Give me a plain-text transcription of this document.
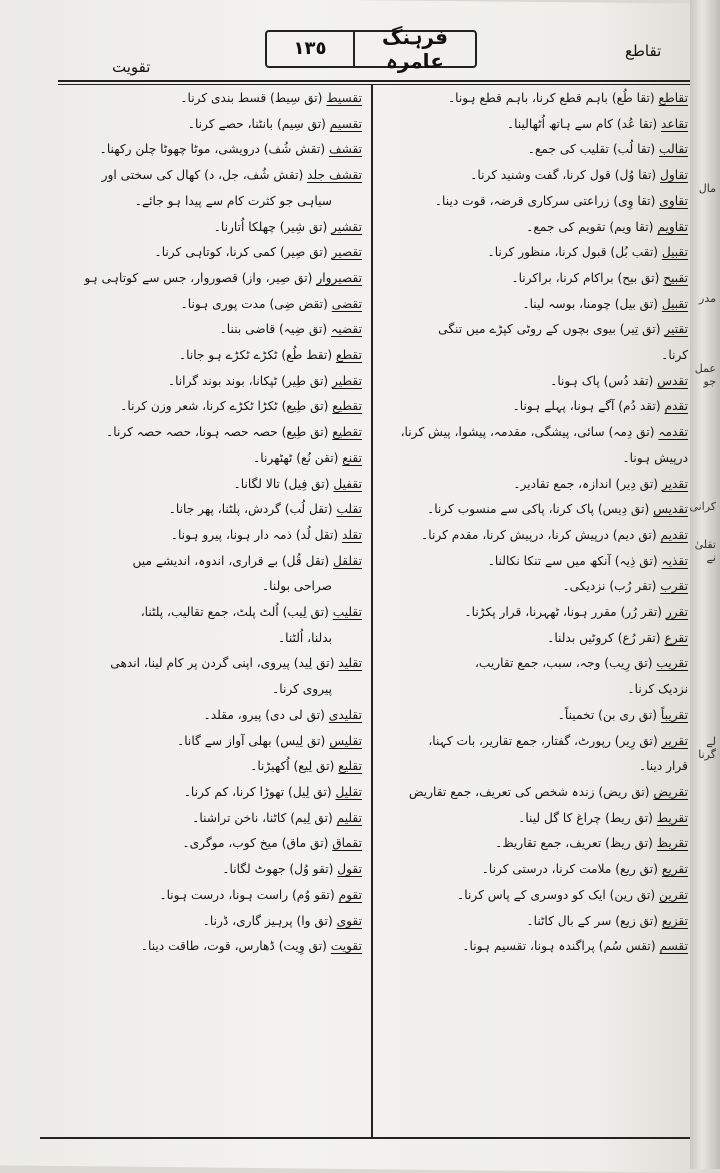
مال
مدر
عمل جو
کرانی
تقلیٰ نے
لے گرنا
تقویت
١٣٥	فرہنگ عامرہ	تقاطع
تقاطع (تقا طُع) باہم قطع کرنا، باہم قطع ہونا۔
تقاعد (تقا عُد) کام سے ہاتھ اُٹھالینا۔
تقالب (تقا لُب) تقلیب کی جمع۔
تقاول (تقا وُل) قول کرنا، گفت وشنید کرنا۔
تقاوی (تقا وِی) زراعتی سرکاری قرضہ، قوت دینا۔
تقاویم (تقا ویم) تقویم کی جمع۔
تقبیل (تقب بُل) قبول کرنا، منظور کرنا۔
تقبیح (تق بیح) براکام کرنا، براکرنا۔
تقبیل (تق بیل) چومنا، بوسہ لینا۔
تقتیر (تق تِیر) بیوی بچوں کے روٹی کپڑے میں تنگی
کرنا۔
تقدس (تقد دُس) پاک ہونا۔
تقدم (تقد دُم) آگے ہونا، پہلے ہونا۔
تقدمہ (تق دِمہ) سائی، پیشگی، مقدمہ، پیشوا، پیش کرنا،
درپیش ہونا۔
تقدیر (تق دِیر) اندازہ، جمع تقادیر۔
تقدیس (تق دِیس) پاک کرنا، پاکی سے منسوب کرنا۔
تقدیم (تق دیم) درپیش کرنا، درپیش کرنا، مقدم کرنا۔
تقذیہ (تق ذِیہ) آنکھ میں سے تنکا نکالنا۔
تقرب (تقر رُب) نزدیکی۔
تقرر (تقر رُر) مقرر ہونا، ٹھہرنا، قرار پکڑنا۔
تقرع (تقر رُع) کروٹیں بدلنا۔
تقریب (تق رِیب) وجہ، سبب، جمع تقاریب،
نزدیک کرنا۔
تقریباً (تق ری بن) تخمیناً۔
تقریر (تق رِیر) رپورٹ، گفتار، جمع تقاریر، بات کہنا،
قرار دینا۔
تقریض (تق ریض) زندہ شخص کی تعریف، جمع تقاریض
تقریط (تق ریط) چراغ کا گل لینا۔
تقریظ (تق ریظ) تعریف، جمع تقاریظ۔
تقریع (تق ریع) ملامت کرنا، درستی کرنا۔
تقرین (تق رین) ایک کو دوسری کے پاس کرنا۔
تقزیع (تق زیع) سر کے بال کاٹنا۔
تقسم (تقس سُم) پراگندہ ہونا، تقسیم ہونا۔
تقسیط (تق سِیط) قسط بندی کرنا۔
تقسیم (تق سِیم) بانٹنا، حصے کرنا۔
تقشف (تقش شُف) درویشی، موٹا چھوٹا چلن رکھنا۔
تقشف جلد (تقش شُف، جل، د) کھال کی سختی اور
سیاہی جو کثرت کام سے پیدا ہو جائے۔
تقشیر (تق شِیر) چھلکا اُتارنا۔
تقصیر (تق صِیر) کمی کرنا، کوتاہی کرنا۔
تقصیروار (تق صِیر، واز) قصوروار، جس سے کوتاہی ہو
تقضی (تقض ضِی) مدت پوری ہونا۔
تقضیہ (تق ضِیہ) قاضی بننا۔
تقطع (تقط طُع) ٹکڑے ٹکڑے ہو جانا۔
تقطیر (تق طِیر) ٹپکانا، بوند بوند گرانا۔
تقطیع (تق طِیع) ٹکڑا ٹکڑے کرنا، شعر وزن کرنا۔
تقطیع (تق طِیع) حصہ حصہ ہونا، حصہ حصہ کرنا۔
تقنع (تقن نُع) ٹھٹھرنا۔
تقفیل (تق فِیل) تالا لگانا۔
تقلب (تقل لُب) گردش، پلٹنا، پھر جانا۔
تقلد (تقل لُد) ذمہ دار ہونا، پیرو ہونا۔
تقلقل (تقل قُل) بے قراری، اندوہ، اندیشے میں
صراحی بولنا۔
تقلیب (تق لِیب) اُلٹ پلٹ، جمع تقالیب، پلٹنا،
بدلنا، اُلٹنا۔
تقلید (تق لِید) پیروی، اپنی گردن پر کام لینا، اندھی
پیروی کرنا۔
تقلیدی (تق لی دی) پیرو، مقلد۔
تقلیس (تق لِیس) بھلی آواز سے گانا۔
تقلیع (تق لِیع) اُکھیڑنا۔
تقلیل (تق لِیل) تھوڑا کرنا، کم کرنا۔
تقلیم (تق لِیم) کاٹنا، ناخن تراشنا۔
تقماق (تق ماق) میخ کوب، موگری۔
تقول (تقو وُل) جھوٹ لگانا۔
تقوم (تقو وُم) راست ہونا، درست ہونا۔
تقوی (تق وا) پرہیز گاری، ڈرنا۔
تقویت (تق وِیت) ڈھارس، قوت، طاقت دینا۔
